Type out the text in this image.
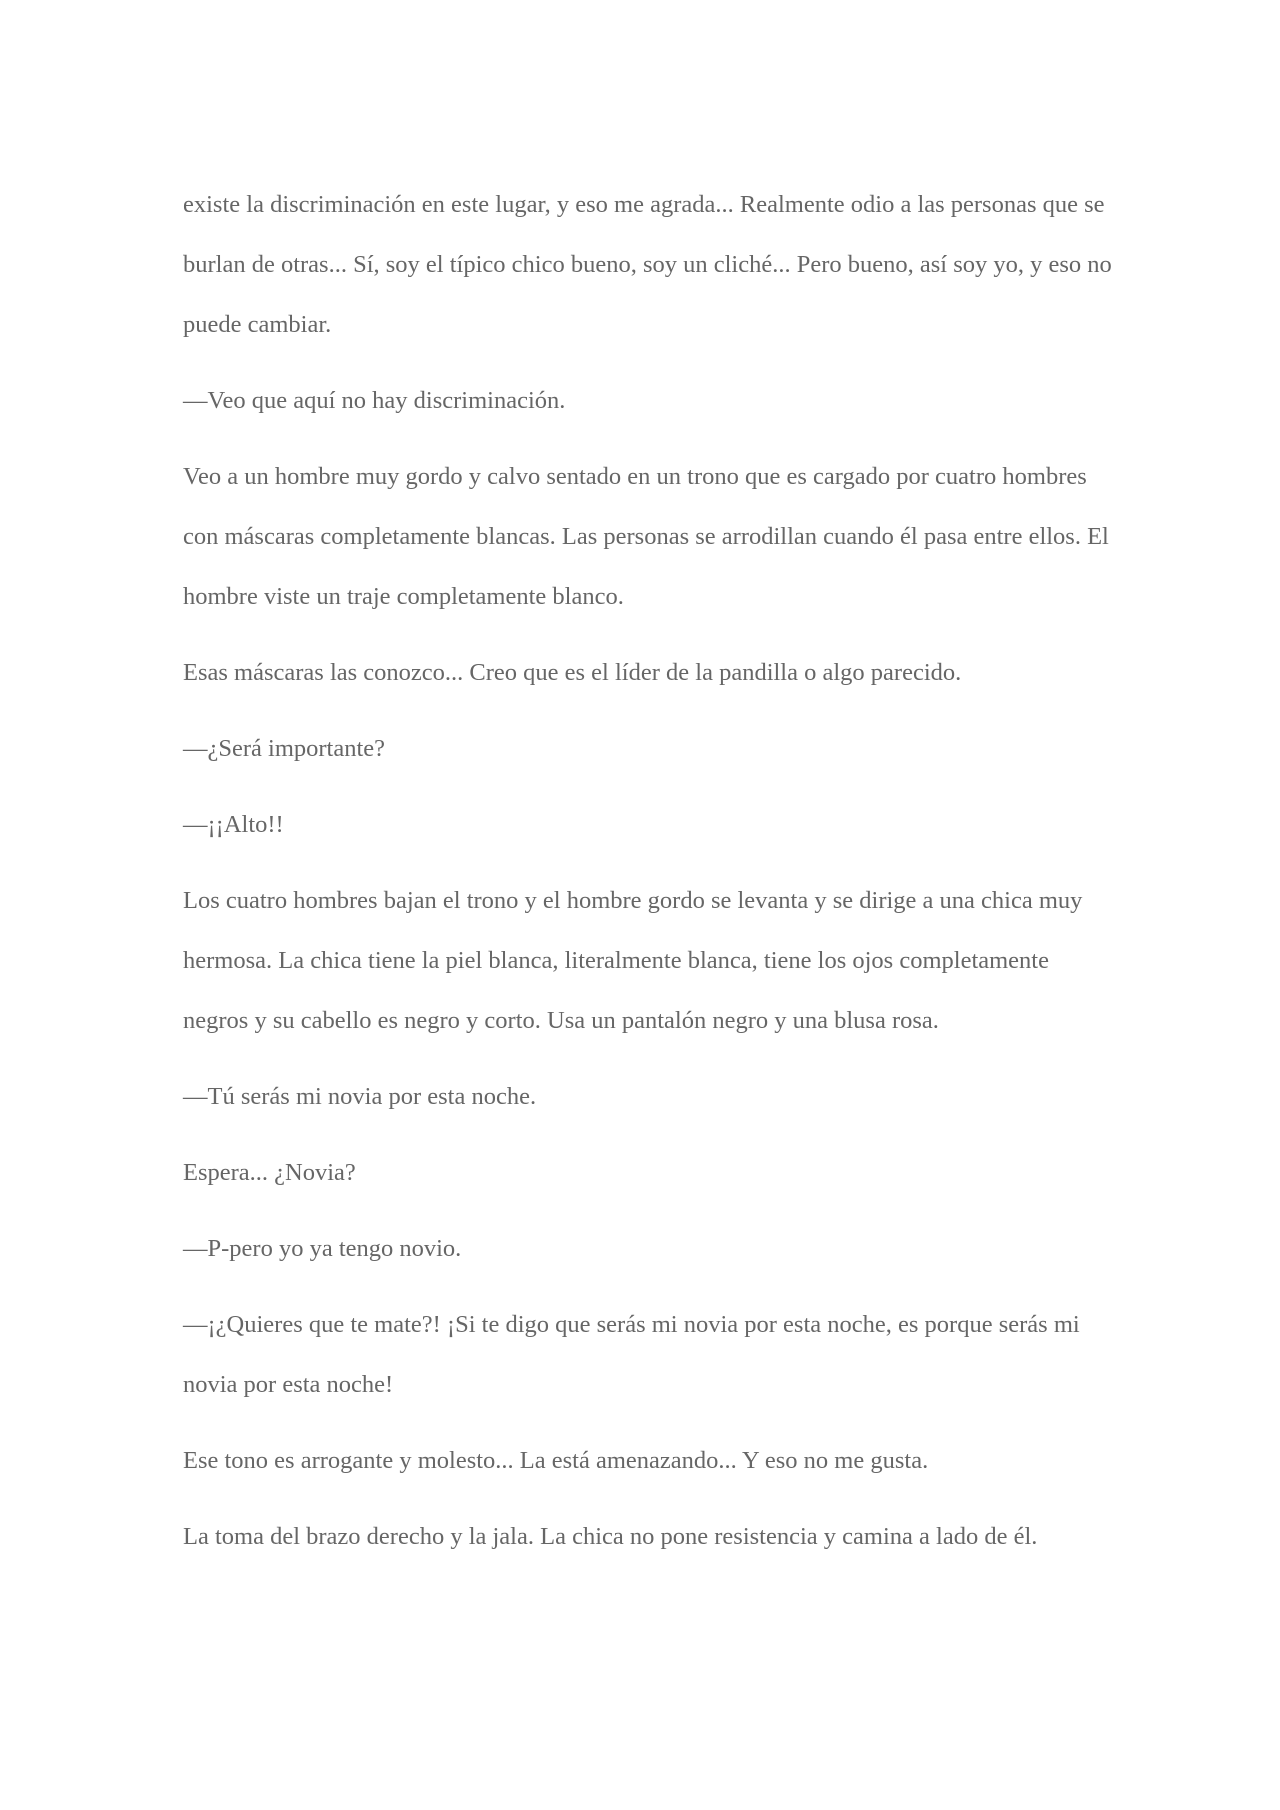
existe la discriminación en este lugar, y eso me agrada... Realmente odio a las personas que se burlan de otras... Sí, soy el típico chico bueno, soy un cliché... Pero bueno, así soy yo, y eso no puede cambiar.

—Veo que aquí no hay discriminación.

Veo a un hombre muy gordo y calvo sentado en un trono que es cargado por cuatro hombres con máscaras completamente blancas. Las personas se arrodillan cuando él pasa entre ellos. El hombre viste un traje completamente blanco.

Esas máscaras las conozco... Creo que es el líder de la pandilla o algo parecido.

—¿Será importante?

—¡¡Alto!!

Los cuatro hombres bajan el trono y el hombre gordo se levanta y se dirige a una chica muy hermosa. La chica tiene la piel blanca, literalmente blanca, tiene los ojos completamente negros y su cabello es negro y corto. Usa un pantalón negro y una blusa rosa.

—Tú serás mi novia por esta noche.

Espera... ¿Novia?

—P-pero yo ya tengo novio.

—¡¿Quieres que te mate?! ¡Si te digo que serás mi novia por esta noche, es porque serás mi novia por esta noche!

Ese tono es arrogante y molesto... La está amenazando... Y eso no me gusta.

La toma del brazo derecho y la jala. La chica no pone resistencia y camina a lado de él.
